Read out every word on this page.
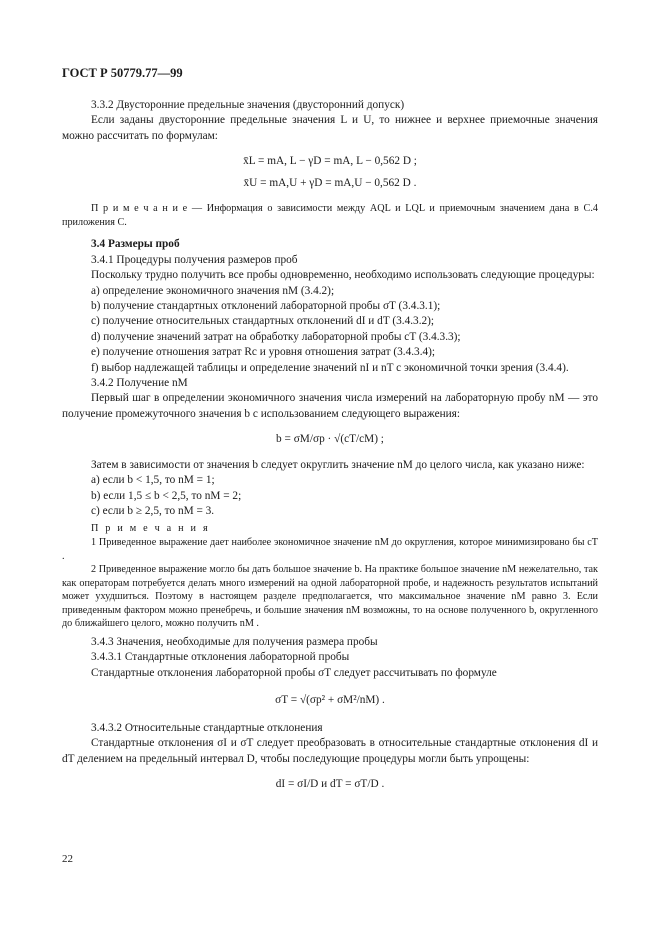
ГОСТ Р 50779.77—99

3.3.2 Двусторонние предельные значения (двусторонний допуск)

Если заданы двусторонние предельные значения L и U, то нижнее и верхнее приемочные значения можно рассчитать по формулам:

x̄L = mA, L − γD = mA, L − 0,562 D ;
x̄U = mA,U + γD = mA,U − 0,562 D .

П р и м е ч а н и е — Информация о зависимости между AQL и LQL и приемочным значением дана в С.4 приложения С.

3.4 Размеры проб

3.4.1 Процедуры получения размеров проб

Поскольку трудно получить все пробы одновременно, необходимо использовать следующие процедуры:

а) определение экономичного значения nM (3.4.2);

b) получение стандартных отклонений лабораторной пробы σT (3.4.3.1);

c) получение относительных стандартных отклонений dI и dT (3.4.3.2);

d) получение значений затрат на обработку лабораторной пробы cT (3.4.3.3);

e) получение отношения затрат Rc и уровня отношения затрат (3.4.3.4);

f) выбор надлежащей таблицы и определение значений nI и nT с экономичной точки зрения (3.4.4).

3.4.2 Получение nM

Первый шаг в определении экономичного значения числа измерений на лабораторную пробу nM — это получение промежуточного значения b с использованием следующего выражения:

b = σM/σp · √(cT/cM) ;

Затем в зависимости от значения b следует округлить значение nM до целого числа, как указано ниже:

а) если b < 1,5, то nM = 1;

b) если 1,5 ≤ b < 2,5, то nM = 2;

c) если b ≥ 2,5, то nM = 3.

П р и м е ч а н и я

1 Приведенное выражение дает наиболее экономичное значение nM до округления, которое минимизировано бы cT .

2 Приведенное выражение могло бы дать большое значение b. На практике большое значение nM нежелательно, так как операторам потребуется делать много измерений на одной лабораторной пробе, и надежность результатов испытаний может ухудшиться. Поэтому в настоящем разделе предполагается, что максимальное значение nM равно 3. Если приведенным фактором можно пренебречь, и большие значения nM возможны, то на основе полученного b, округленного до ближайшего целого, можно получить nM .

3.4.3 Значения, необходимые для получения размера пробы

3.4.3.1 Стандартные отклонения лабораторной пробы

Стандартные отклонения лабораторной пробы σT следует рассчитывать по формуле

σT = √(σp² + σM²/nM) .

3.4.3.2 Относительные стандартные отклонения

Стандартные отклонения σI и σT следует преобразовать в относительные стандартные отклонения dI и dT делением на предельный интервал D, чтобы последующие процедуры могли быть упрощены:

dI = σI/D и dT = σT/D .
22
